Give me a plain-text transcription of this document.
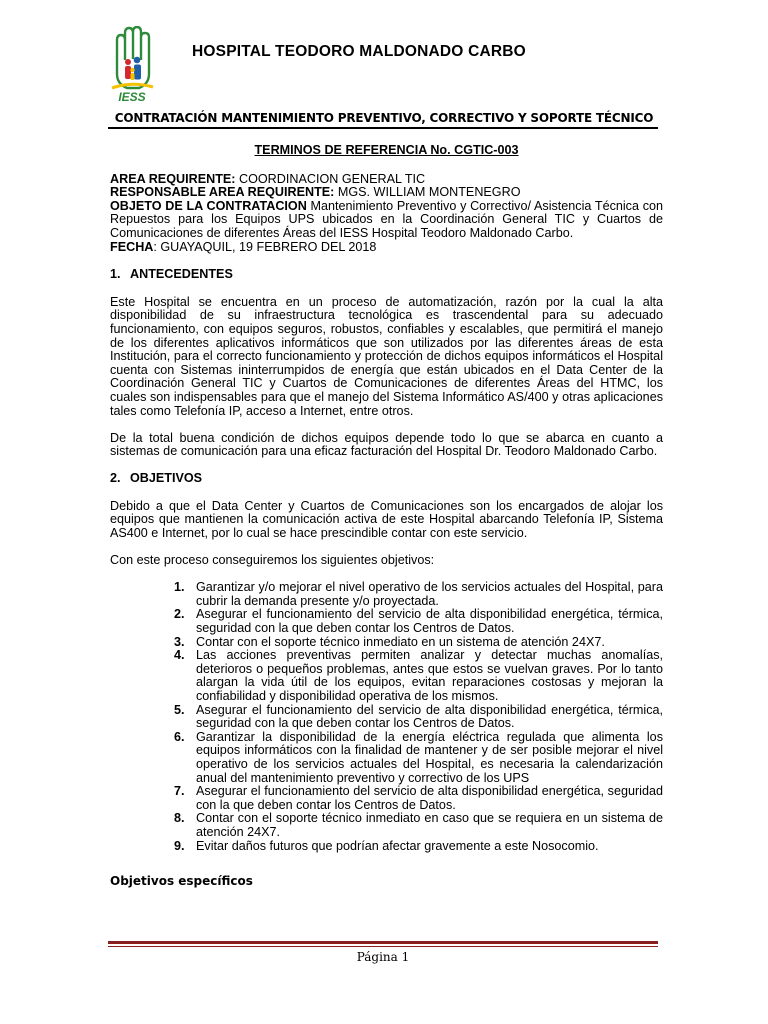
IESS
HOSPITAL TEODORO MALDONADO CARBO
CONTRATACIÓN MANTENIMIENTO PREVENTIVO, CORRECTIVO Y SOPORTE TÉCNICO
TERMINOS DE REFERENCIA No. CGTIC-003

AREA REQUIRENTE: COORDINACION GENERAL TIC

RESPONSABLE AREA REQUIRENTE: MGS. WILLIAM MONTENEGRO

OBJETO DE LA CONTRATACION Mantenimiento Preventivo y Correctivo/ Asistencia Técnica con Repuestos para los Equipos UPS ubicados en la Coordinación General TIC y Cuartos de Comunicaciones de diferentes Áreas del IESS Hospital Teodoro Maldonado Carbo.

FECHA: GUAYAQUIL, 19 FEBRERO DEL 2018

1. ANTECEDENTES

Este Hospital se encuentra en un proceso de automatización, razón por la cual la alta disponibilidad de su infraestructura tecnológica es trascendental para su adecuado funcionamiento, con equipos seguros, robustos, confiables y escalables, que permitirá el manejo de los diferentes aplicativos informáticos que son utilizados por las diferentes áreas de esta Institución, para el correcto funcionamiento y protección de dichos equipos informáticos el Hospital cuenta con Sistemas ininterrumpidos de energía que están ubicados en el Data Center de la Coordinación General TIC y Cuartos de Comunicaciones de diferentes Áreas del HTMC, los cuales son indispensables para que el manejo del Sistema Informático AS/400 y otras aplicaciones tales como Telefonía IP, acceso a Internet, entre otros.

De la total buena condición de dichos equipos depende todo lo que se abarca en cuanto a sistemas de comunicación para una eficaz facturación del Hospital Dr. Teodoro Maldonado Carbo.

2. OBJETIVOS

Debido a que el Data Center y Cuartos de Comunicaciones son los encargados de alojar los equipos que mantienen la comunicación activa de este Hospital abarcando Telefonía IP, Sistema AS400 e Internet, por lo cual se hace prescindible contar con este servicio.

Con este proceso conseguiremos los siguientes objetivos:

1. Garantizar y/o mejorar el nivel operativo de los servicios actuales del Hospital, para cubrir la demanda presente y/o proyectada.
2. Asegurar el funcionamiento del servicio de alta disponibilidad energética, térmica, seguridad con la que deben contar los Centros de Datos.
3. Contar con el soporte técnico inmediato en un sistema de atención 24X7.
4. Las acciones preventivas permiten analizar y detectar muchas anomalías, deterioros o pequeños problemas, antes que estos se vuelvan graves. Por lo tanto alargan la vida útil de los equipos, evitan reparaciones costosas y mejoran la confiabilidad y disponibilidad operativa de los mismos.
5. Asegurar el funcionamiento del servicio de alta disponibilidad energética, térmica, seguridad con la que deben contar los Centros de Datos.
6. Garantizar la disponibilidad de la energía eléctrica regulada que alimenta los equipos informáticos con la finalidad de mantener y de ser posible mejorar el nivel operativo de los servicios actuales del Hospital, es necesaria la calendarización anual del mantenimiento preventivo y correctivo de los UPS
7. Asegurar el funcionamiento del servicio de alta disponibilidad energética, seguridad con la que deben contar los Centros de Datos.
8. Contar con el soporte técnico inmediato en caso que se requiera en un sistema de atención 24X7.
9. Evitar daños futuros que podrían afectar gravemente a este Nosocomio.
Objetivos específicos
Página 1
